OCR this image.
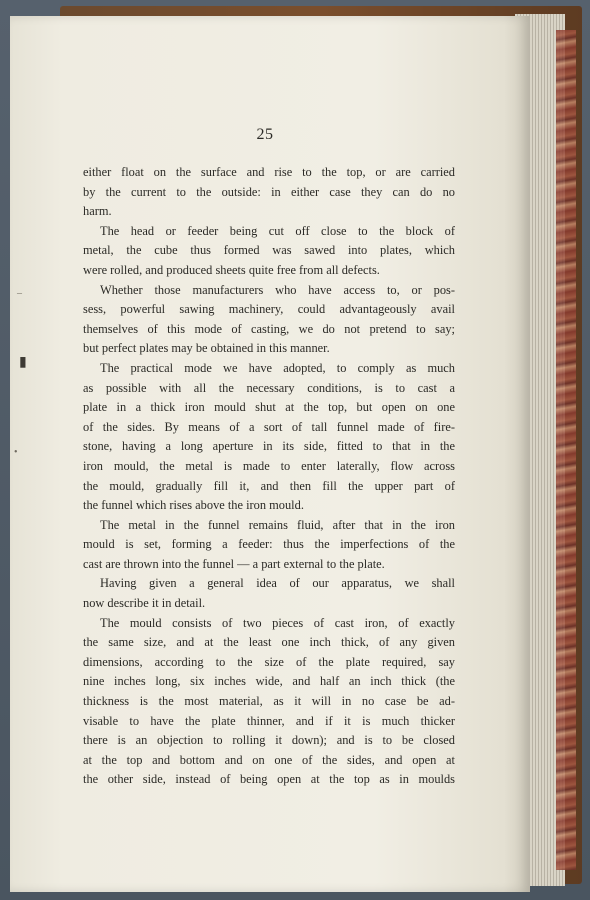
25
either float on the surface and rise to the top, or are carried
by the current to the outside: in either case they can do no
harm.
The head or feeder being cut off close to the block of
metal, the cube thus formed was sawed into plates, which
were rolled, and produced sheets quite free from all defects.
Whether those manufacturers who have access to, or pos-
sess, powerful sawing machinery, could advantageously avail
themselves of this mode of casting, we do not pretend to say;
but perfect plates may be obtained in this manner.
The practical mode we have adopted, to comply as much
as possible with all the necessary conditions, is to cast a
plate in a thick iron mould shut at the top, but open on one
of the sides. By means of a sort of tall funnel made of fire-
stone, having a long aperture in its side, fitted to that in the
iron mould, the metal is made to enter laterally, flow across
the mould, gradually fill it, and then fill the upper part of
the funnel which rises above the iron mould.
The metal in the funnel remains fluid, after that in the iron
mould is set, forming a feeder: thus the imperfections of the
cast are thrown into the funnel — a part external to the plate.
Having given a general idea of our apparatus, we shall
now describe it in detail.
The mould consists of two pieces of cast iron, of exactly
the same size, and at the least one inch thick, of any given
dimensions, according to the size of the plate required, say
nine inches long, six inches wide, and half an inch thick (the
thickness is the most material, as it will in no case be ad-
visable to have the plate thinner, and if it is much thicker
there is an objection to rolling it down); and is to be closed
at the top and bottom and on one of the sides, and open at
the other side, instead of being open at the top as in moulds
–
▮
•
